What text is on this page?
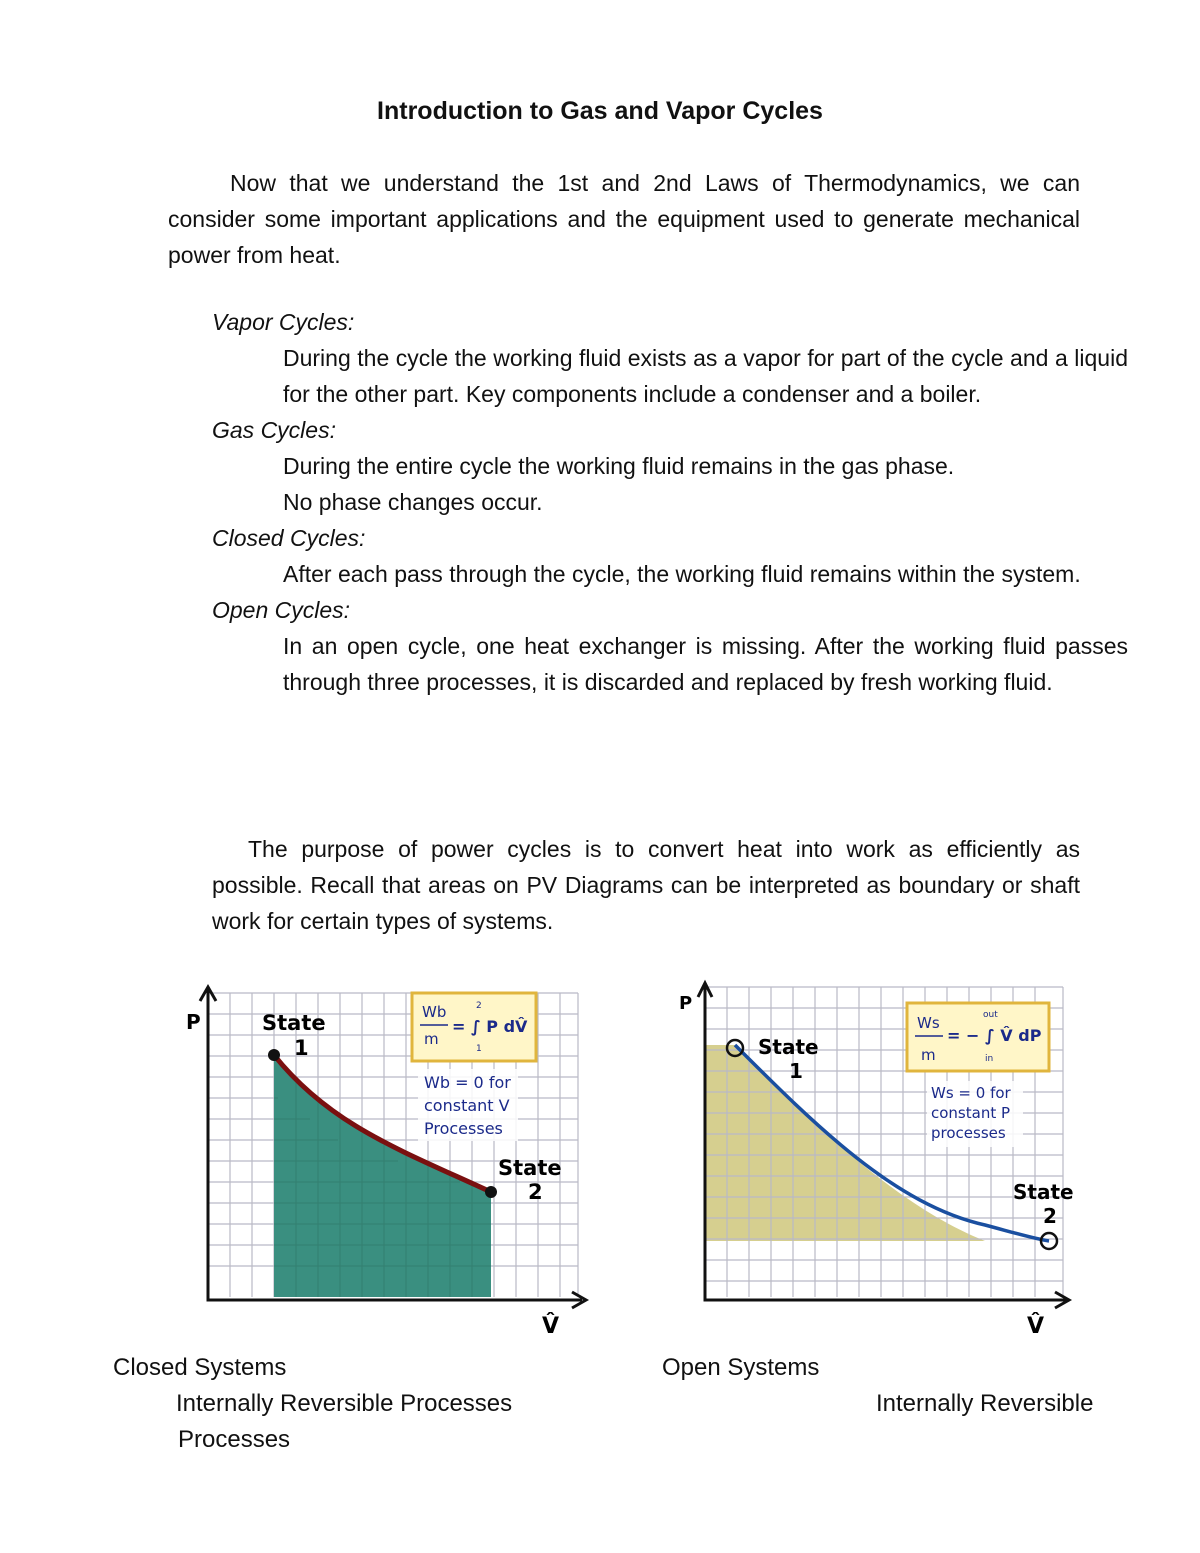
Introduction to Gas and Vapor Cycles
Now that we understand the 1st and 2nd Laws of Thermodynamics, we can consider some important applications and the equipment used to generate mechanical power from heat.
Vapor Cycles:
During the cycle the working fluid exists as a vapor for part of the cycle and a liquid for the other part. Key components include a condenser and a boiler.
Gas Cycles:
During the entire cycle the working fluid remains in the gas phase.
No phase changes occur.
Closed Cycles:
After each pass through the cycle, the working fluid remains within the system.
Open Cycles:
In an open cycle, one heat exchanger is missing. After the working fluid passes through three processes, it is discarded and replaced by fresh working fluid.
The purpose of power cycles is to convert heat into work as efficiently as possible. Recall that areas on PV Diagrams can be interpreted as boundary or shaft work for certain types of systems.
P
V̂
State
1
State
2
Wb
m
= ∫ P dV̂
2
1
Wb = 0 for
constant V
Processes
P
V̂
State
1
State
2
Ws
m
= − ∫ V̂ dP
out
in
Ws = 0 for
constant P
processes
Closed Systems
Internally Reversible Processes
Processes
Open Systems
Internally Reversible
